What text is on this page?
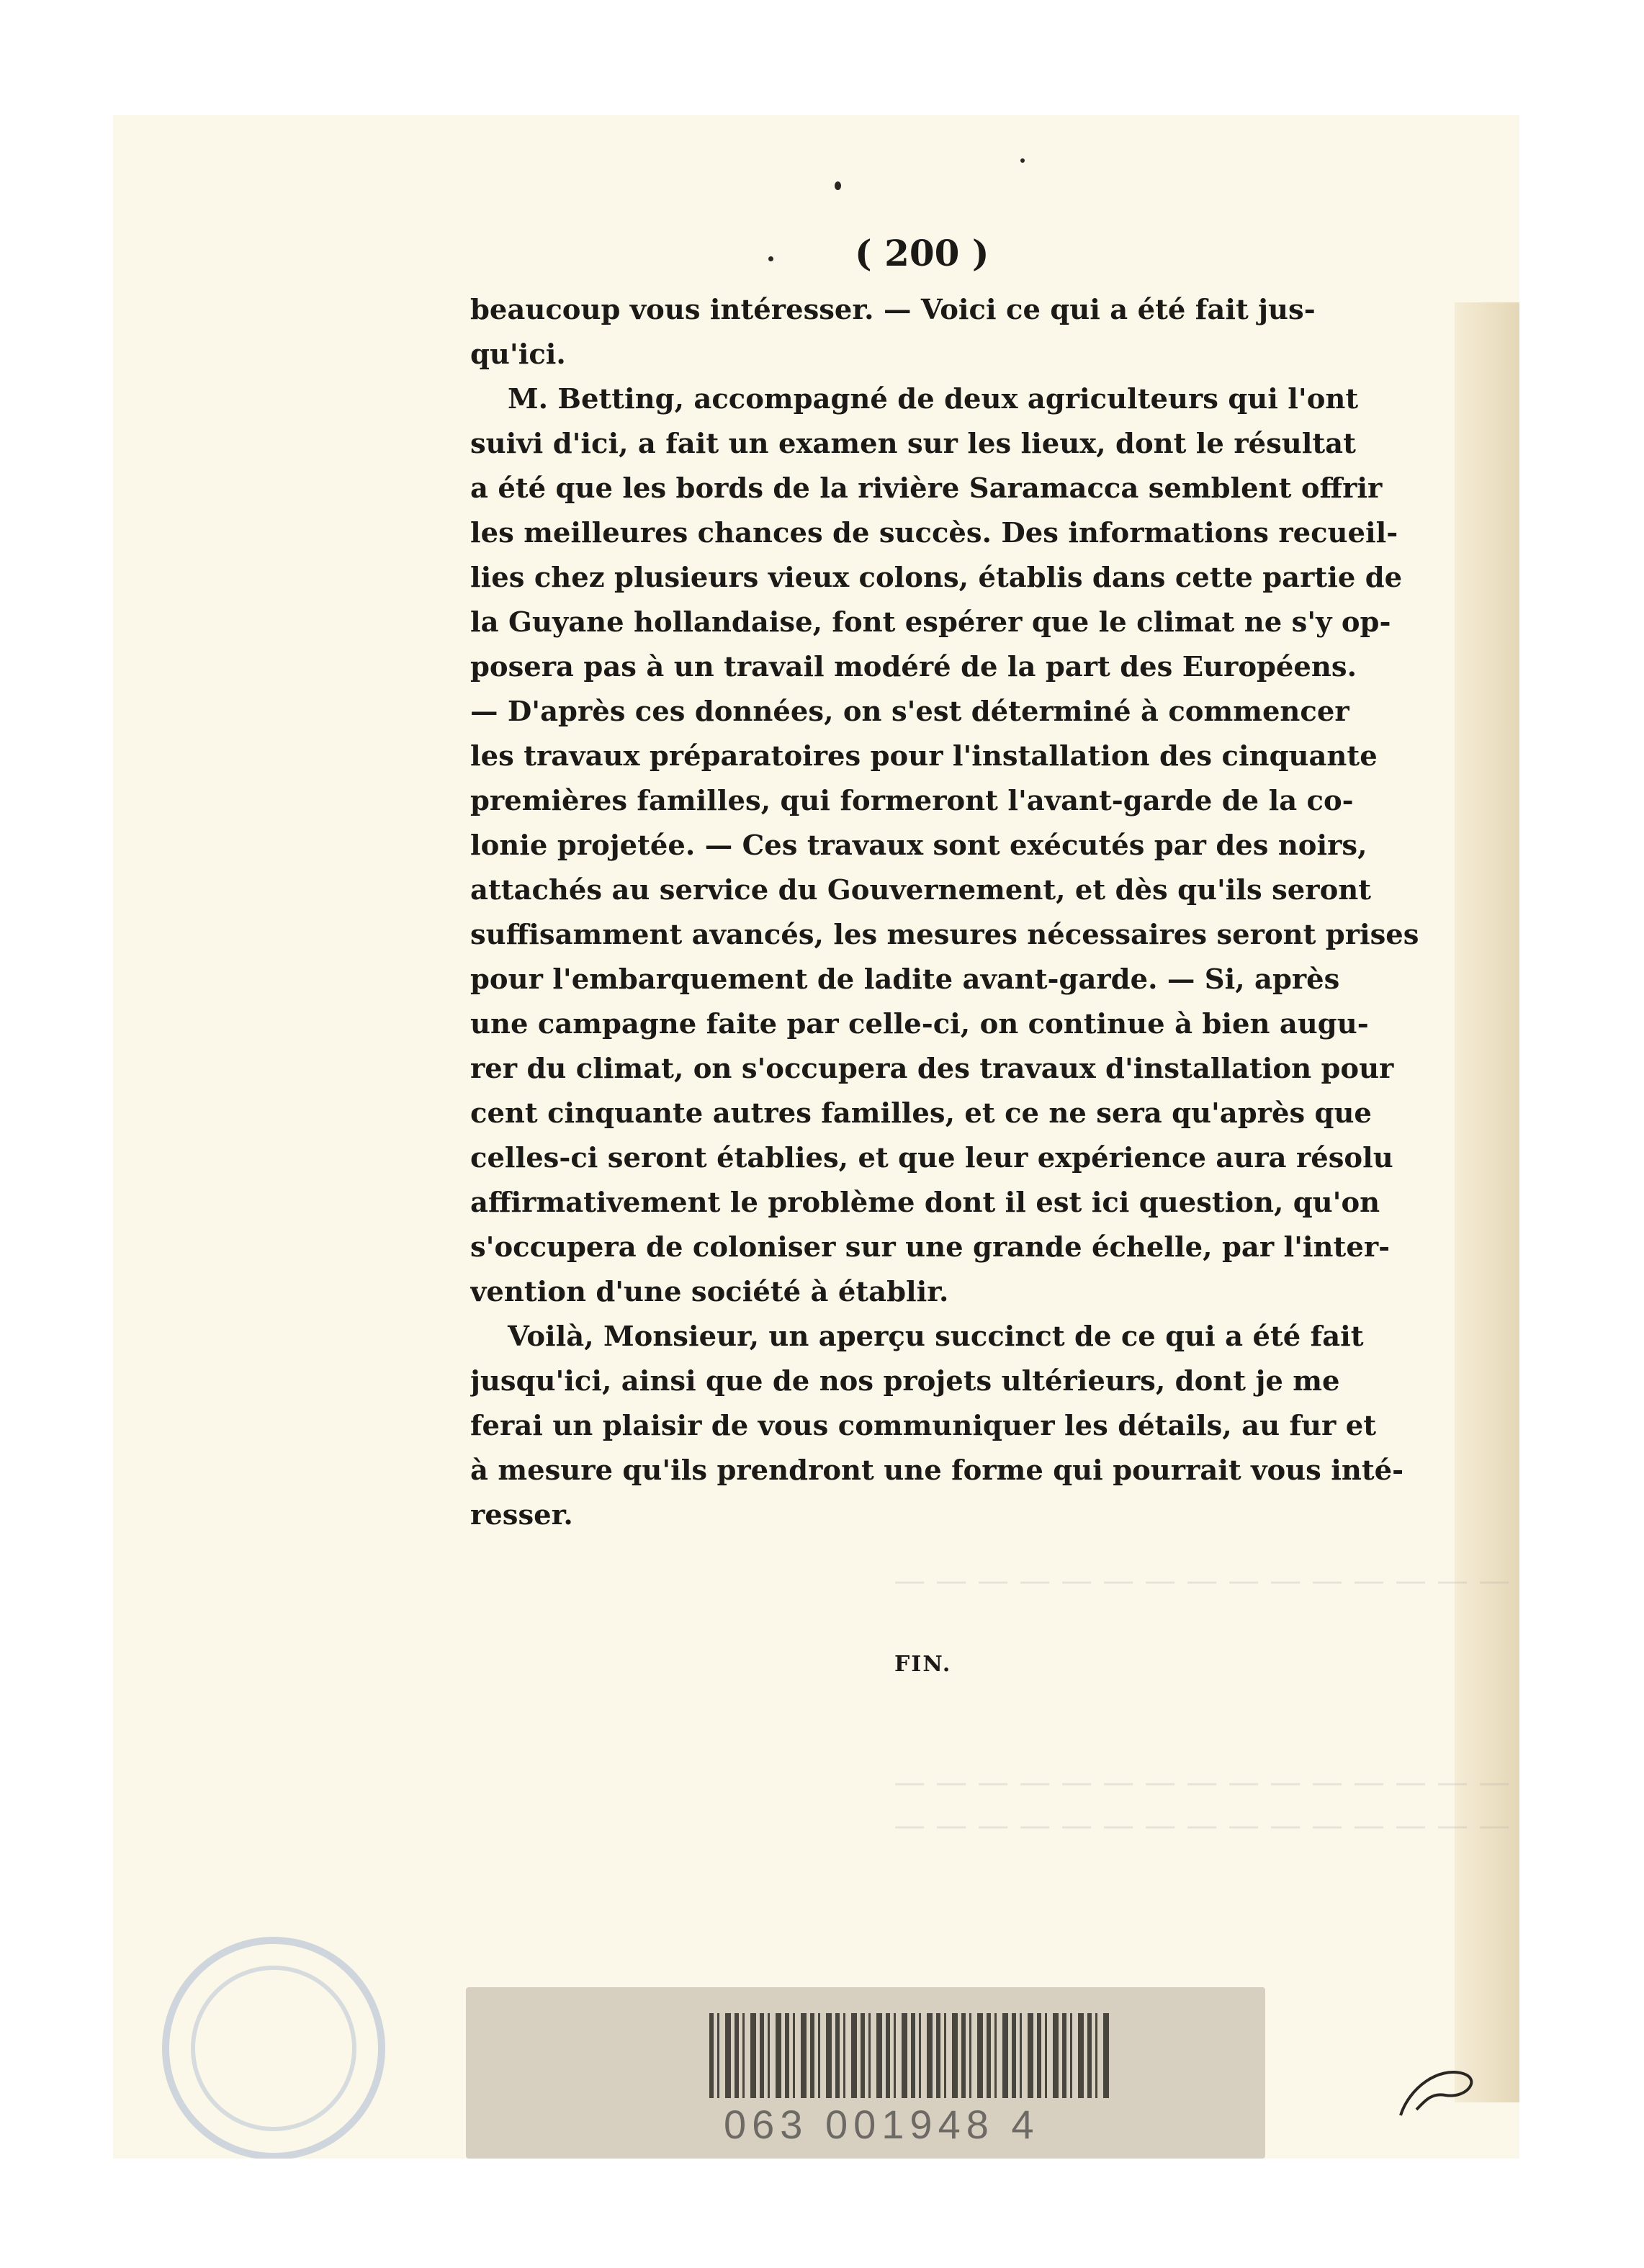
— — — — — — — — — — — — — — —
— — — — — — — — — — — — — — —
— — — — — — — — — — — — — — —
( 200 )
beaucoup vous intéresser. — Voici ce qui a été fait jus-
qu'ici.
M. Betting, accompagné de deux agriculteurs qui l'ont
suivi d'ici, a fait un examen sur les lieux, dont le résultat
a été que les bords de la rivière Saramacca semblent offrir
les meilleures chances de succès. Des informations recueil-
lies chez plusieurs vieux colons, établis dans cette partie de
la Guyane hollandaise, font espérer que le climat ne s'y op-
posera pas à un travail modéré de la part des Européens.
— D'après ces données, on s'est déterminé à commencer
les travaux préparatoires pour l'installation des cinquante
premières familles, qui formeront l'avant-garde de la co-
lonie projetée. — Ces travaux sont exécutés par des noirs,
attachés au service du Gouvernement, et dès qu'ils seront
suffisamment avancés, les mesures nécessaires seront prises
pour l'embarquement de ladite avant-garde. — Si, après
une campagne faite par celle-ci, on continue à bien augu-
rer du climat, on s'occupera des travaux d'installation pour
cent cinquante autres familles, et ce ne sera qu'après que
celles-ci seront établies, et que leur expérience aura résolu
affirmativement le problème dont il est ici question, qu'on
s'occupera de coloniser sur une grande échelle, par l'inter-
vention d'une société à établir.
Voilà, Monsieur, un aperçu succinct de ce qui a été fait
jusqu'ici, ainsi que de nos projets ultérieurs, dont je me
ferai un plaisir de vous communiquer les détails, au fur et
à mesure qu'ils prendront une forme qui pourrait vous inté-
resser.
FIN.
063 001948 4
